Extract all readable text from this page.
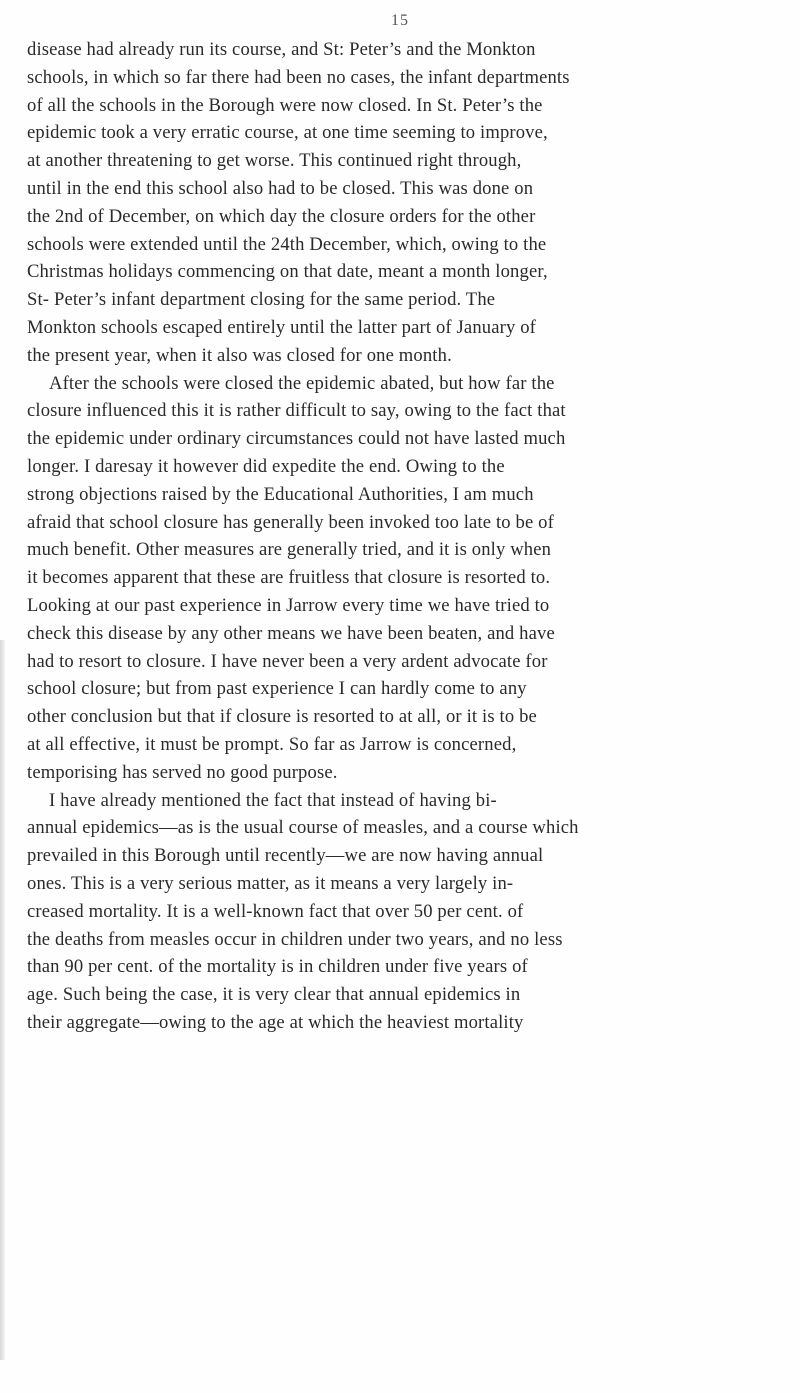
15
disease had already run its course, and St: Peter’s and the Monkton
schools, in which so far there had been no cases, the infant departments
of all the schools in the Borough were now closed. In St. Peter’s the
epidemic took a very erratic course, at one time seeming to improve,
at another threatening to get worse. This continued right through,
until in the end this school also had to be closed. This was done on
the 2nd of December, on which day the closure orders for the other
schools were extended until the 24th December, which, owing to the
Christmas holidays commencing on that date, meant a month longer,
St- Peter’s infant department closing for the same period. The
Monkton schools escaped entirely until the latter part of January of
the present year, when it also was closed for one month.
After the schools were closed the epidemic abated, but how far the
closure influenced this it is rather difficult to say, owing to the fact that
the epidemic under ordinary circumstances could not have lasted much
longer. I daresay it however did expedite the end. Owing to the
strong objections raised by the Educational Authorities, I am much
afraid that school closure has generally been invoked too late to be of
much benefit. Other measures are generally tried, and it is only when
it becomes apparent that these are fruitless that closure is resorted to.
Looking at our past experience in Jarrow every time we have tried to
check this disease by any other means we have been beaten, and have
had to resort to closure. I have never been a very ardent advocate for
school closure; but from past experience I can hardly come to any
other conclusion but that if closure is resorted to at all, or it is to be
at all effective, it must be prompt. So far as Jarrow is concerned,
temporising has served no good purpose.
I have already mentioned the fact that instead of having bi-
annual epidemics—as is the usual course of measles, and a course which
prevailed in this Borough until recently—we are now having annual
ones. This is a very serious matter, as it means a very largely in-
creased mortality. It is a well-known fact that over 50 per cent. of
the deaths from measles occur in children under two years, and no less
than 90 per cent. of the mortality is in children under five years of
age. Such being the case, it is very clear that annual epidemics in
their aggregate—owing to the age at which the heaviest mortality
